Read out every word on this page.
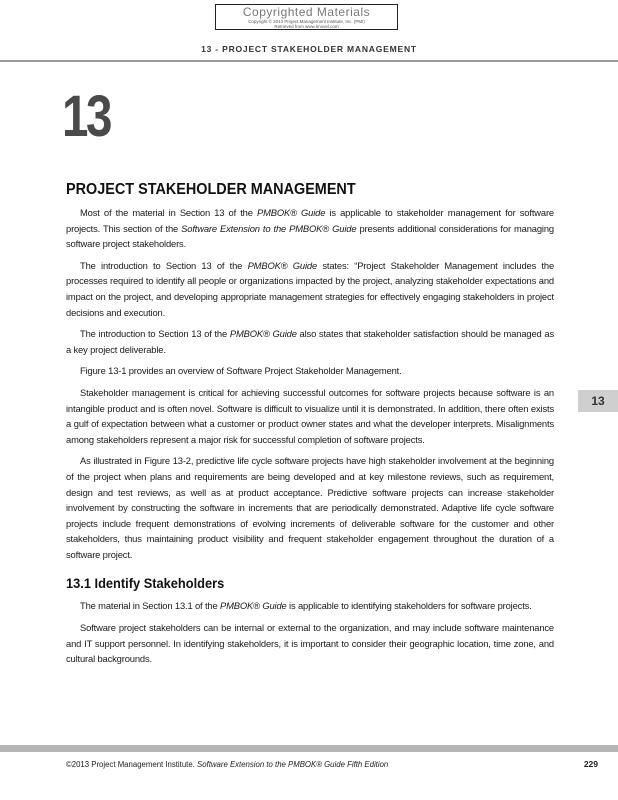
Copyrighted Materials
Copyright © 2013 Project Management Institute, Inc. (PMI)
Retrieved from www.knovel.com
13 - PROJECT STAKEHOLDER MANAGEMENT
13
PROJECT STAKEHOLDER MANAGEMENT

Most of the material in Section 13 of the PMBOK® Guide is applicable to stakeholder management for software projects. This section of the Software Extension to the PMBOK® Guide presents additional considerations for managing software project stakeholders.

The introduction to Section 13 of the PMBOK® Guide states: “Project Stakeholder Management includes the processes required to identify all people or organizations impacted by the project, analyzing stakeholder expectations and impact on the project, and developing appropriate management strategies for effectively engaging stakeholders in project decisions and execution.

The introduction to Section 13 of the PMBOK® Guide also states that stakeholder satisfaction should be managed as a key project deliverable.

Figure 13-1 provides an overview of Software Project Stakeholder Management.

Stakeholder management is critical for achieving successful outcomes for software projects because software is an intangible product and is often novel. Software is difficult to visualize until it is demonstrated. In addition, there often exists a gulf of expectation between what a customer or product owner states and what the developer interprets. Misalignments among stakeholders represent a major risk for successful completion of software projects.

As illustrated in Figure 13-2, predictive life cycle software projects have high stakeholder involvement at the beginning of the project when plans and requirements are being developed and at key milestone reviews, such as requirement, design and test reviews, as well as at product acceptance. Predictive software projects can increase stakeholder involvement by constructing the software in increments that are periodically demonstrated. Adaptive life cycle software projects include frequent demonstrations of evolving increments of deliverable software for the customer and other stakeholders, thus maintaining product visibility and frequent stakeholder engagement throughout the duration of a software project.

13.1 Identify Stakeholders

The material in Section 13.1 of the PMBOK® Guide is applicable to identifying stakeholders for software projects.

Software project stakeholders can be internal or external to the organization, and may include software maintenance and IT support personnel. In identifying stakeholders, it is important to consider their geographic location, time zone, and cultural backgrounds.

13
©2013 Project Management Institute. Software Extension to the PMBOK® Guide Fifth Edition	229
